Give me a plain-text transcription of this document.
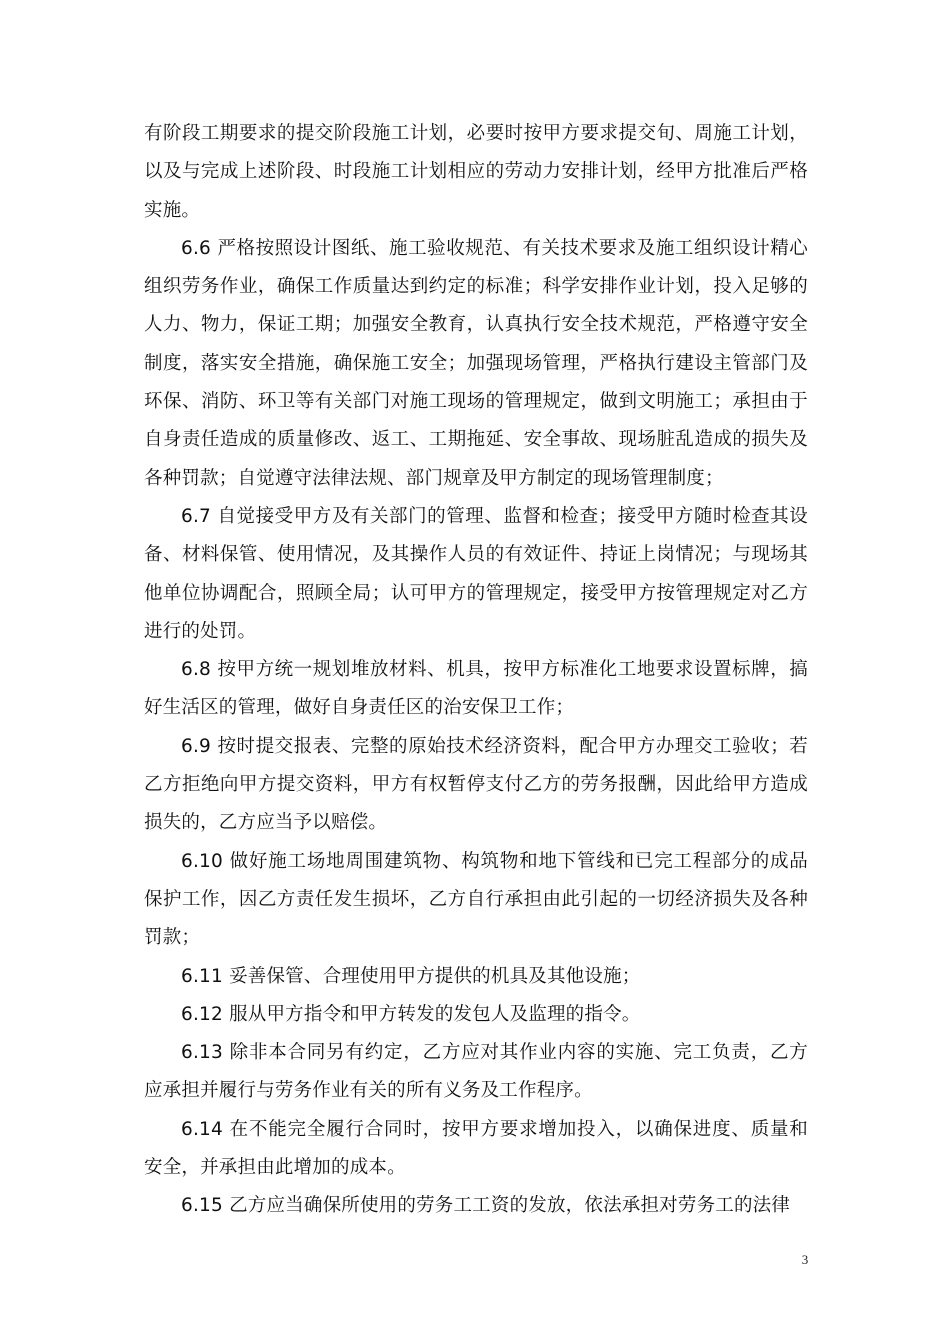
有阶段工期要求的提交阶段施工计划，必要时按甲方要求提交旬、周施工计划，以及与完成上述阶段、时段施工计划相应的劳动力安排计划，经甲方批准后严格实施。

6.6 严格按照设计图纸、施工验收规范、有关技术要求及施工组织设计精心组织劳务作业，确保工作质量达到约定的标准；科学安排作业计划，投入足够的人力、物力，保证工期；加强安全教育，认真执行安全技术规范，严格遵守安全制度，落实安全措施，确保施工安全；加强现场管理，严格执行建设主管部门及环保、消防、环卫等有关部门对施工现场的管理规定，做到文明施工；承担由于自身责任造成的质量修改、返工、工期拖延、安全事故、现场脏乱造成的损失及各种罚款；自觉遵守法律法规、部门规章及甲方制定的现场管理制度；

6.7 自觉接受甲方及有关部门的管理、监督和检查；接受甲方随时检查其设备、材料保管、使用情况，及其操作人员的有效证件、持证上岗情况；与现场其他单位协调配合，照顾全局；认可甲方的管理规定，接受甲方按管理规定对乙方进行的处罚。

6.8 按甲方统一规划堆放材料、机具，按甲方标准化工地要求设置标牌，搞好生活区的管理，做好自身责任区的治安保卫工作；

6.9 按时提交报表、完整的原始技术经济资料，配合甲方办理交工验收；若乙方拒绝向甲方提交资料，甲方有权暂停支付乙方的劳务报酬，因此给甲方造成损失的，乙方应当予以赔偿。

6.10 做好施工场地周围建筑物、构筑物和地下管线和已完工程部分的成品保护工作，因乙方责任发生损坏，乙方自行承担由此引起的一切经济损失及各种罚款；

6.11 妥善保管、合理使用甲方提供的机具及其他设施；

6.12 服从甲方指令和甲方转发的发包人及监理的指令。

6.13 除非本合同另有约定，乙方应对其作业内容的实施、完工负责，乙方应承担并履行与劳务作业有关的所有义务及工作程序。

6.14 在不能完全履行合同时，按甲方要求增加投入，以确保进度、质量和安全，并承担由此增加的成本。

6.15 乙方应当确保所使用的劳务工工资的发放，依法承担对劳务工的法律

3
